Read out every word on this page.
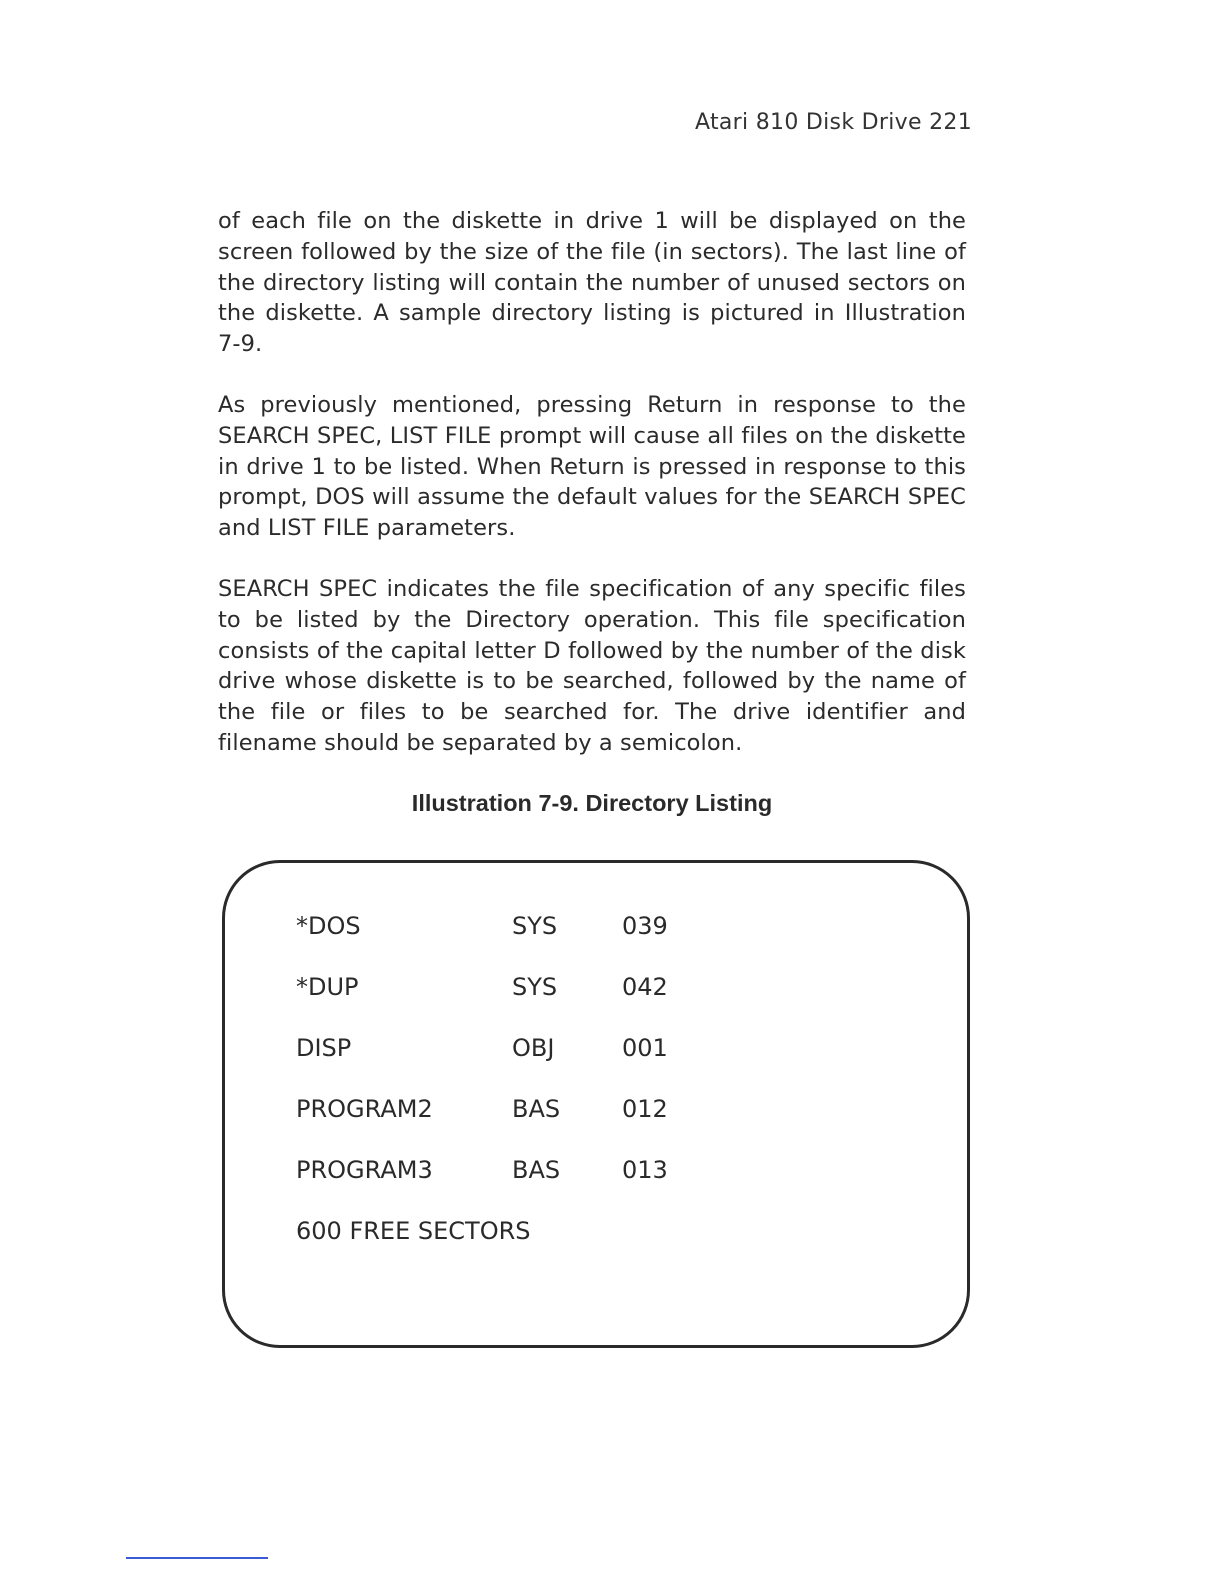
Atari 810 Disk Drive 221

of each file on the diskette in drive 1 will be displayed on the screen followed by the size of the file (in sectors). The last line of the directory listing will contain the number of unused sectors on the diskette. A sample directory listing is pictured in Illustration 7-9.

As previously mentioned, pressing Return in response to the SEARCH SPEC, LIST FILE prompt will cause all files on the diskette in drive 1 to be listed. When Return is pressed in response to this prompt, DOS will assume the default values for the SEARCH SPEC and LIST FILE parameters.

SEARCH SPEC indicates the file specification of any specific files to be listed by the Directory operation. This file specification consists of the capital letter D followed by the number of the disk drive whose diskette is to be searched, followed by the name of the file or files to be searched for. The drive identifier and filename should be separated by a semicolon.

Illustration 7-9. Directory Listing
*DOS	SYS	039
*DUP	SYS	042
DISP	OBJ	001
PROGRAM2	BAS	012
PROGRAM3	BAS	013
600 FREE SECTORS
